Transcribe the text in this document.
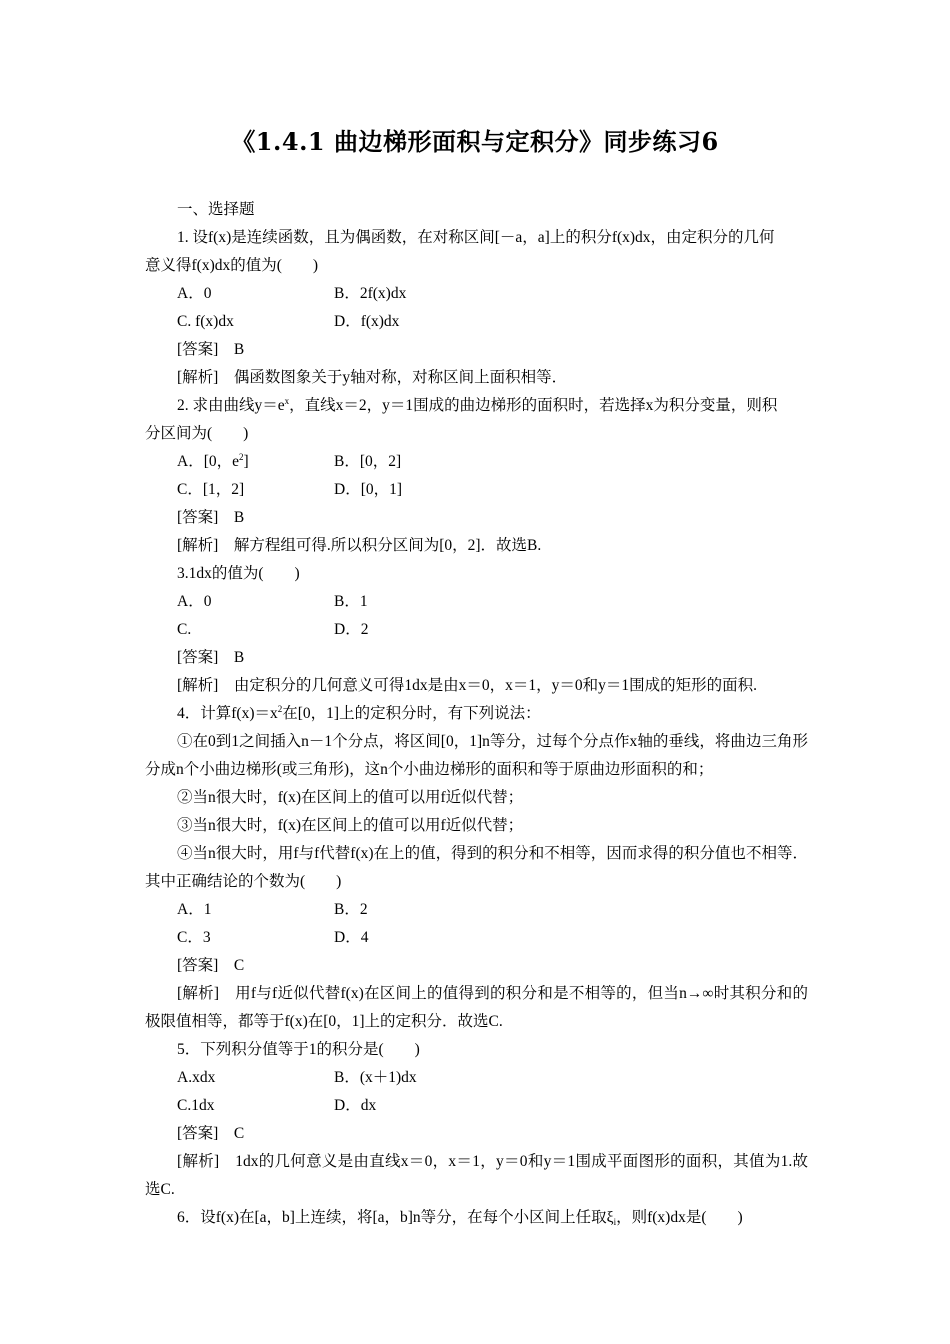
《1.4.1 曲边梯形面积与定积分》同步练习6
一、选择题
1. 设f(x)是连续函数，且为偶函数，在对称区间[－a，a]上的积分f(x)dx，由定积分的几何
意义得f(x)dx的值为(　　)
A．0	B．2f(x)dx
C. f(x)dx	D．f(x)dx
[答案]　B
[解析]　偶函数图象关于y轴对称，对称区间上面积相等．
2. 求由曲线$y=e^x$，直线x＝2，y＝1围成的曲边梯形的面积时，若选择x为积分变量，则积
分区间为(　　)
A．[0，$e^2$]	B．[0，2]
C．[1，2]	D．[0，1]
[答案]　B
[解析]　解方程组可得.所以积分区间为[0，2]．故选B.
3.1dx的值为(　　)
A．0	B．1
C.	D．2
[答案]　B
[解析]　由定积分的几何意义可得1dx是由x＝0，x＝1，y＝0和y＝1围成的矩形的面积.
4．计算$f(x)=x^2$在[0，1]上的定积分时，有下列说法：
①在0到1之间插入n－1个分点，将区间[0，1]n等分，过每个分点作x轴的垂线，将曲边三角形分成n个小曲边梯形(或三角形)，这n个小曲边梯形的面积和等于原曲边形面积的和；
②当n很大时，f(x)在区间上的值可以用f近似代替；
③当n很大时，f(x)在区间上的值可以用f近似代替；
④当n很大时，用f与f代替f(x)在上的值，得到的积分和不相等，因而求得的积分值也不相等．其中正确结论的个数为(　　)
A．1	B．2
C．3	D．4
[答案]　C
[解析]　用f与f近似代替f(x)在区间上的值得到的积分和是不相等的，但当n→∞时其积分和的极限值相等，都等于f(x)在[0，1]上的定积分．故选C.
5．下列积分值等于1的积分是(　　)
A.xdx	B．(x＋1)dx
C.1dx	D．dx
[答案]　C
[解析]　1dx的几何意义是由直线x＝0，x＝1，y＝0和y＝1围成平面图形的面积，其值为1.故选C.
6．设f(x)在[a，b]上连续，将[a，b]n等分，在每个小区间上任取$\xi_i$，则f(x)dx是(　　)
